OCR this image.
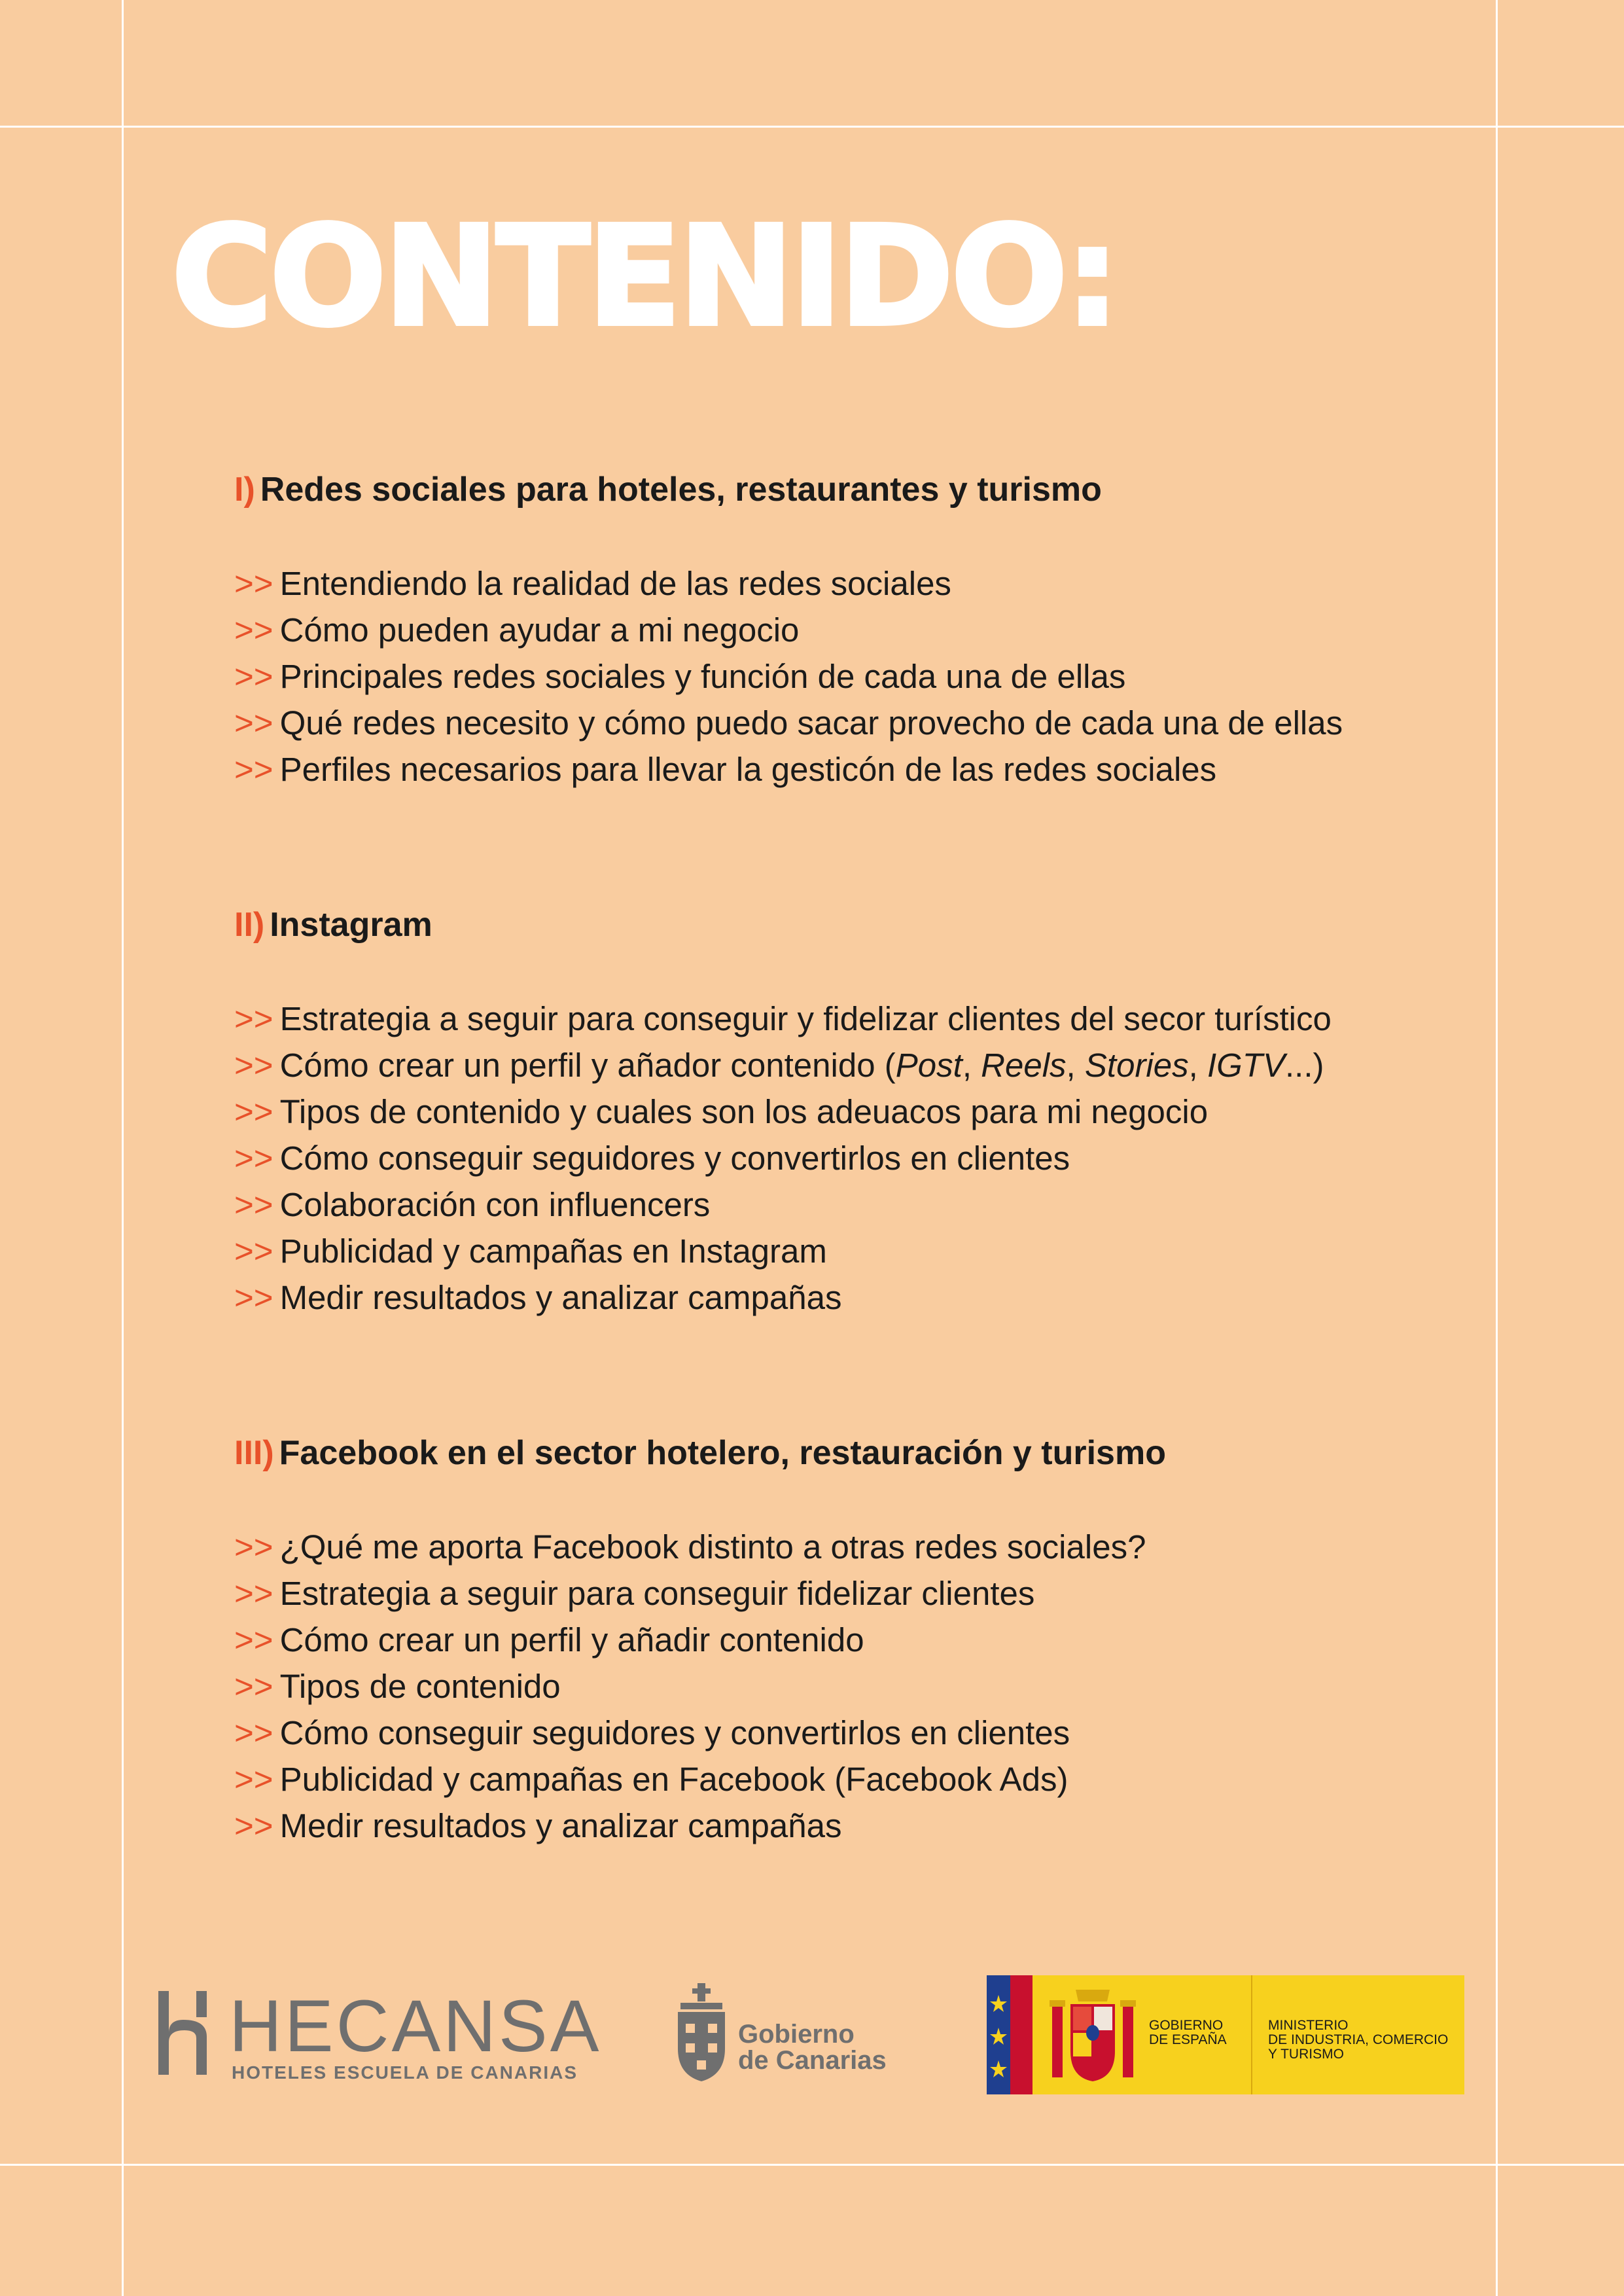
CONTENIDO:

I) Redes sociales para hoteles, restaurantes y turismo

>> Entendiendo la realidad de las redes sociales
>> Cómo pueden ayudar a mi negocio
>> Principales redes sociales y función de cada una de ellas
>> Qué redes necesito y cómo puedo sacar provecho de cada una de ellas
>> Perfiles necesarios para llevar la gesticón de las redes sociales

II) Instagram

>> Estrategia a seguir para conseguir y fidelizar clientes del secor turístico
>> Cómo crear un perfil y añador contenido (Post, Reels, Stories, IGTV...)
>> Tipos de contenido y cuales son los adeuacos para mi negocio
>> Cómo conseguir seguidores y convertirlos en clientes
>> Colaboración con influencers
>> Publicidad y campañas en Instagram
>> Medir resultados y analizar campañas

III) Facebook en el sector hotelero, restauración y turismo

>> ¿Qué me aporta Facebook distinto a otras redes sociales?
>> Estrategia a seguir para conseguir fidelizar clientes
>> Cómo crear un perfil y añadir contenido
>> Tipos de contenido
>> Cómo conseguir seguidores y convertirlos en clientes
>> Publicidad y campañas en Facebook (Facebook Ads)
>> Medir resultados y analizar campañas
HECANSA
HOTELES ESCUELA DE CANARIAS
Gobierno
de Canarias
GOBIERNO
DE ESPAÑA
MINISTERIO
DE INDUSTRIA, COMERCIO
Y TURISMO
